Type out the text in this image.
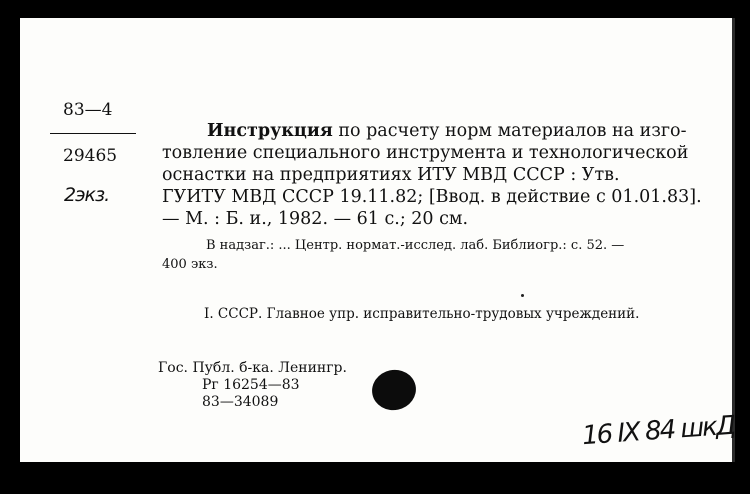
83—4
29465
2экз.
Инструкция по расчету норм материалов на изго-
товление специального инструмента и технологической
оснастки на предприятиях ИТУ МВД СССР : Утв.
ГУИТУ МВД СССР 19.11.82; [Ввод. в действие с 01.01.83].
— М. : Б. и., 1982. — 61 с.; 20 см.
В надзаг.: ... Центр. нормат.-исслед. лаб. Библиогр.: с. 52. —
400 экз.
I. СССР. Главное упр. исправительно-трудовых учреждений.
Гос. Публ. б-ка. Ленингр.
Рг 16254—83
83—34089
16 IX 84 шкД
